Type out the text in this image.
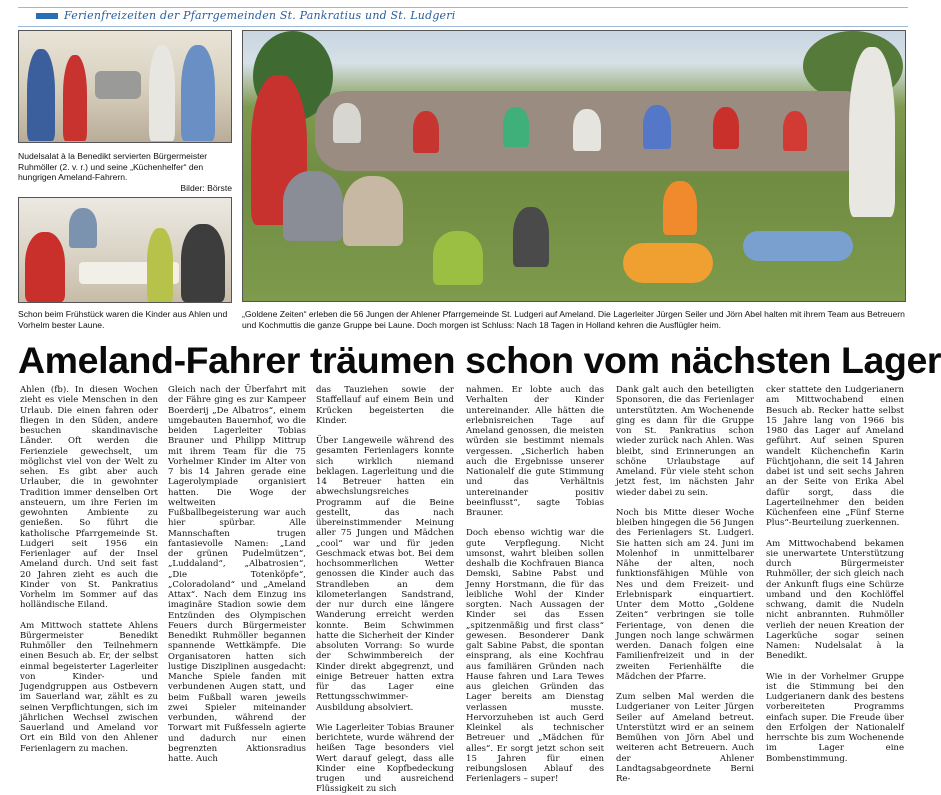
Ferienfreizeiten der Pfarrgemeinden St. Pankratius und St. Ludgeri
Nudelsalat à la Benedikt servierten Bürgermeister Ruhmöller (2. v. r.) und seine „Küchenhelfer“ den hungrigen Ameland-Fahrern.
Bilder: Börste
Schon beim Frühstück waren die Kinder aus Ahlen und Vorhelm bester Laune.
„Goldene Zeiten“ erleben die 56 Jungen der Ahlener Pfarrgemeinde St. Ludgeri auf Ameland. Die Lagerleiter Jürgen Seiler und Jörn Abel halten mit ihrem Team aus Betreuern und Kochmuttis die ganze Gruppe bei Laune. Doch morgen ist Schluss: Nach 18 Tagen in Holland kehren die Ausflügler heim.
Ameland-Fahrer träumen schon vom nächsten Lager

Ahlen (fb). In diesen Wochen zieht es viele Menschen in den Urlaub. Die einen fahren oder fliegen in den Süden, andere besuchen skandinavische Länder. Oft werden die Ferienziele gewechselt, um möglichst viel von der Welt zu sehen. Es gibt aber auch Urlauber, die in gewohnter Tradition immer denselben Ort ansteuern, um ihre Ferien im gewohnten Ambiente zu genießen. So führt die katholische Pfarrgemeinde St. Ludgeri seit 1956 ein Ferienlager auf der Insel Ameland durch. Und seit fast 20 Jahren zieht es auch die Kinder von St. Pankratius Vorhelm im Sommer auf das holländische Eiland.

Am Mittwoch stattete Ahlens Bürgermeister Benedikt Ruhmöller den Teilnehmern einen Besuch ab. Er, der selbst einmal begeisterter Lagerleiter von Kinder- und Jugendgruppen aus Ostbevern im Sauerland war, zählt es zu seinen Verpflichtungen, sich im jährlichen Wechsel zwischen Sauerland und Ameland vor Ort ein Bild von den Ahlener Ferienlagern zu machen.

Gleich nach der Überfahrt mit der Fähre ging es zur Kampeer Boerderij „De Albatros“, einem umgebauten Bauernhof, wo die beiden Lagerleiter Tobias Brauner und Philipp Mittrup mit ihrem Team für die 75 Vorhelmer Kinder im Alter von 7 bis 14 Jahren gerade eine Lagerolympiade organisiert hatten. Die Woge der weltweiten Fußballbegeisterung war auch hier spürbar. Alle Mannschaften trugen fantasievolle Namen: „Land der grünen Pudelmützen“, „Luddaland“, „Albatrosien“, „Die Totenköpfe“, „Coloradoland“ und „Ameland Attax“. Nach dem Einzug ins imaginäre Stadion sowie dem Entzünden des Olympischen Feuers durch Bürgermeister Benedikt Ruhmöller begannen spannende Wettkämpfe. Die Organisatoren hatten sich lustige Disziplinen ausgedacht: Manche Spiele fanden mit verbundenen Augen statt, und beim Fußball waren jeweils zwei Spieler miteinander verbunden, während der Torwart mit Fußfesseln agierte und dadurch nur einen begrenzten Aktionsradius hatte. Auch

das Tauziehen sowie der Staffellauf auf einem Bein und Krücken begeisterten die Kinder.

Über Langeweile während des gesamten Ferienlagers konnte sich wirklich niemand beklagen. Lagerleitung und die 14 Betreuer hatten ein abwechslungsreiches Programm auf die Beine gestellt, das nach übereinstimmender Meinung aller 75 Jungen und Mädchen „cool“ war und für jeden Geschmack etwas bot. Bei dem hochsommerlichen Wetter genossen die Kinder auch das Strandleben an dem kilometerlangen Sandstrand, der nur durch eine längere Wanderung erreicht werden konnte. Beim Schwimmen hatte die Sicherheit der Kinder absoluten Vorrang: So wurde der Schwimmbereich der Kinder direkt abgegrenzt, und einige Betreuer hatten extra für das Lager eine Rettungsschwimmer-Ausbildung absolviert.

Wie Lagerleiter Tobias Brauner berichtete, wurde während der heißen Tage besonders viel Wert darauf gelegt, dass alle Kinder eine Kopfbedeckung trugen und ausreichend Flüssigkeit zu sich

nahmen. Er lobte auch das Verhalten der Kinder untereinander. Alle hätten die erlebnisreichen Tage auf Ameland genossen, die meisten würden sie bestimmt niemals vergessen. „Sicherlich haben auch die Ergebnisse unserer Nationalelf die gute Stimmung und das Verhältnis untereinander positiv beeinflusst“, sagte Tobias Brauner.

Doch ebenso wichtig war die gute Verpflegung. Nicht umsonst, wahrt bleiben sollen deshalb die Kochfrauen Bianca Demski, Sabine Pabst und Jenny Horstmann, die für das leibliche Wohl der Kinder sorgten. Nach Aussagen der Kinder sei das Essen „spitzenmäßig und first class“ gewesen. Besonderer Dank galt Sabine Pabst, die spontan einsprang, als eine Kochfrau aus familiären Gründen nach Hause fahren und Lara Tewes aus gleichen Gründen das Lager bereits am Dienstag verlassen musste. Hervorzuheben ist auch Gerd Kleinkel als technischer Betreuer und „Mädchen für alles“. Er sorgt jetzt schon seit 15 Jahren für einen reibungslosen Ablauf des Ferienlagers – super!

Dank galt auch den beteiligten Sponsoren, die das Ferienlager unterstützten. Am Wochenende ging es dann für die Gruppe von St. Pankratius schon wieder zurück nach Ahlen. Was bleibt, sind Erinnerungen an schöne Urlaubstage auf Ameland. Für viele steht schon jetzt fest, im nächsten Jahr wieder dabei zu sein.

Noch bis Mitte dieser Woche bleiben hingegen die 56 Jungen des Ferienlagers St. Ludgeri. Sie hatten sich am 24. Juni im Molenhof in unmittelbarer Nähe der alten, noch funktionsfähigen Mühle von Nes und dem Freizeit- und Erlebnispark einquartiert. Unter dem Motto „Goldene Zeiten“ verbringen sie tolle Ferientage, von denen die Jungen noch lange schwärmen werden. Danach folgen eine Familienfreizeit und in der zweiten Ferienhälfte die Mädchen der Pfarre.

Zum selben Mal werden die Ludgerianer von Leiter Jürgen Seiler auf Ameland betreut. Unterstützt wird er an seinem Bemühen von Jörn Abel und weiteren acht Betreuern. Auch der Ahlener Landtagsabgeordnete Berni Re-

cker stattete den Ludgerianern am Mittwochabend einen Besuch ab. Recker hatte selbst 15 Jahre lang von 1966 bis 1980 das Lager auf Ameland geführt. Auf seinen Spuren wandelt Küchenchefin Karin Füchtjohann, die seit 14 Jahren dabei ist und seit sechs Jahren an der Seite von Erika Abel dafür sorgt, dass die Lagerteilnehmer den beiden Küchenfeen eine „Fünf Sterne Plus“-Beurteilung zuerkennen.

Am Mittwochabend bekamen sie unerwartete Unterstützung durch Bürgermeister Ruhmöller, der sich gleich nach der Ankunft flugs eine Schürze umband und den Kochlöffel schwang, damit die Nudeln nicht anbrannten. Ruhmöller verlieh der neuen Kreation der Lagerküche sogar seinen Namen: Nudelsalat à la Benedikt.

Wie in der Vorhelmer Gruppe ist die Stimmung bei den Ludgerianern dank des bestens vorbereiteten Programms einfach super. Die Freude über den Erfolgen der Nationalelf herrschte bis zum Wochenende im Lager eine Bombenstimmung.
